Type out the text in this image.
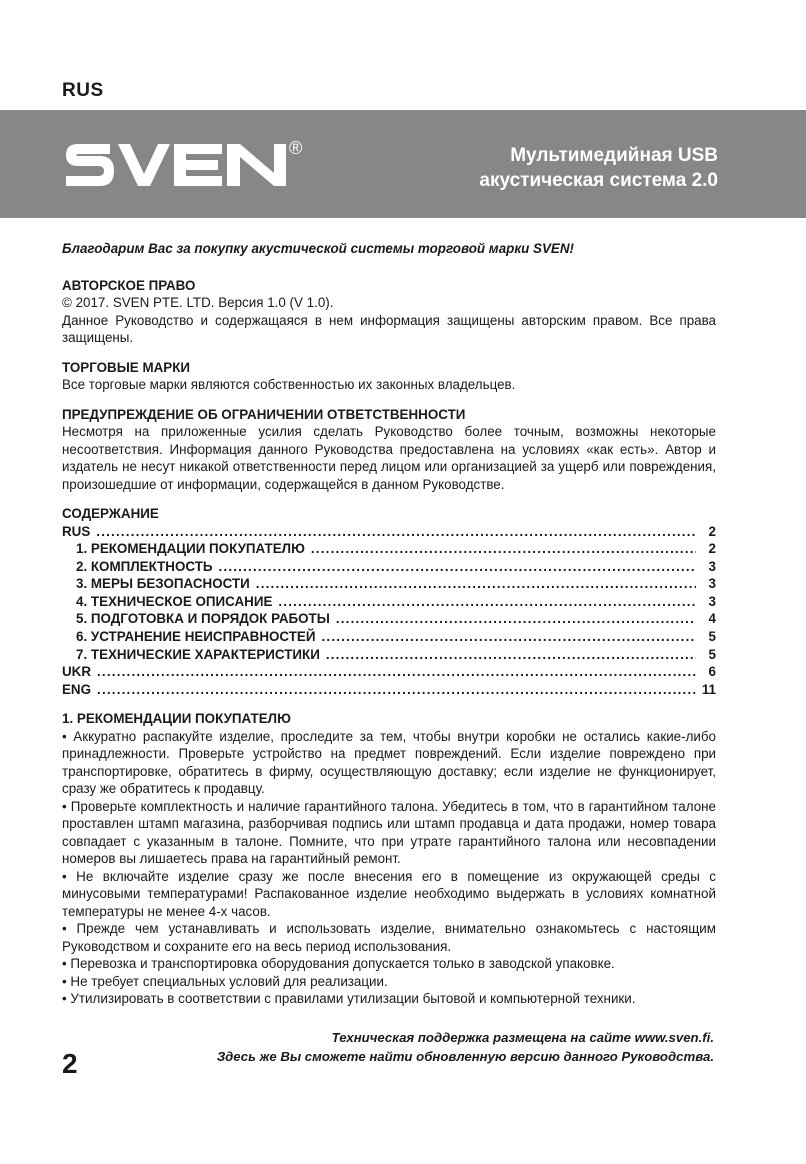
RUS
®	Мультимедийная USB
акустическая система 2.0

Благодарим Вас за покупку акустической системы торговой марки SVEN!

АВТОРСКОЕ ПРАВО

© 2017. SVEN PTE. LTD. Версия 1.0 (V 1.0).

Данное Руководство и содержащаяся в нем информация защищены авторским правом. Все права защищены.

ТОРГОВЫЕ МАРКИ

Все торговые марки являются собственностью их законных владельцев.

ПРЕДУПРЕЖДЕНИЕ ОБ ОГРАНИЧЕНИИ ОТВЕТСТВЕННОСТИ

Несмотря на приложенные усилия сделать Руководство более точным, возможны некоторые несоответствия. Информация данного Руководства предоставлена на условиях «как есть». Автор и издатель не несут никакой ответственности перед лицом или организацией за ущерб или повреждения, произошедшие от информации, содержащейся в данном Руководстве.

СОДЕРЖАНИЕ

RUS .....	2
1. РЕКОМЕНДАЦИИ ПОКУПАТЕЛЮ .....	2
2. КОМПЛЕКТНОСТЬ .....	3
3. МЕРЫ БЕЗОПАСНОСТИ .....	3
4. ТЕХНИЧЕСКОЕ ОПИСАНИЕ .....	3
5. ПОДГОТОВКА И ПОРЯДОК РАБОТЫ .....	4
6. УСТРАНЕНИЕ НЕИСПРАВНОСТЕЙ .....	5
7. ТЕХНИЧЕСКИЕ ХАРАКТЕРИСТИКИ .....	5
UKR .....	6
ENG .....	11

1. РЕКОМЕНДАЦИИ ПОКУПАТЕЛЮ

• Аккуратно распакуйте изделие, проследите за тем, чтобы внутри коробки не остались какие-либо принадлежности. Проверьте устройство на предмет повреждений. Если изделие повреждено при транспортировке, обратитесь в фирму, осуществляющую доставку; если изделие не функционирует, сразу же обратитесь к продавцу.

• Проверьте комплектность и наличие гарантийного талона. Убедитесь в том, что в гарантийном талоне проставлен штамп магазина, разборчивая подпись или штамп продавца и дата продажи, номер товара совпадает с указанным в талоне. Помните, что при утрате гарантийного талона или несовпадении номеров вы лишаетесь права на гарантийный ремонт.

• Не включайте изделие сразу же после внесения его в помещение из окружающей среды с минусовыми температурами! Распакованное изделие необходимо выдержать в условиях комнатной температуры не менее 4-х часов.

• Прежде чем устанавливать и использовать изделие, внимательно ознакомьтесь с настоящим Руководством и сохраните его на весь период использования.

• Перевозка и транспортировка оборудования допускается только в заводской упаковке.

• Не требует специальных условий для реализации.

• Утилизировать в соответствии с правилами утилизации бытовой и компьютерной техники.

Техническая поддержка размещена на сайте www.sven.fi.
Здесь же Вы сможете найти обновленную версию данного Руководства.
2
